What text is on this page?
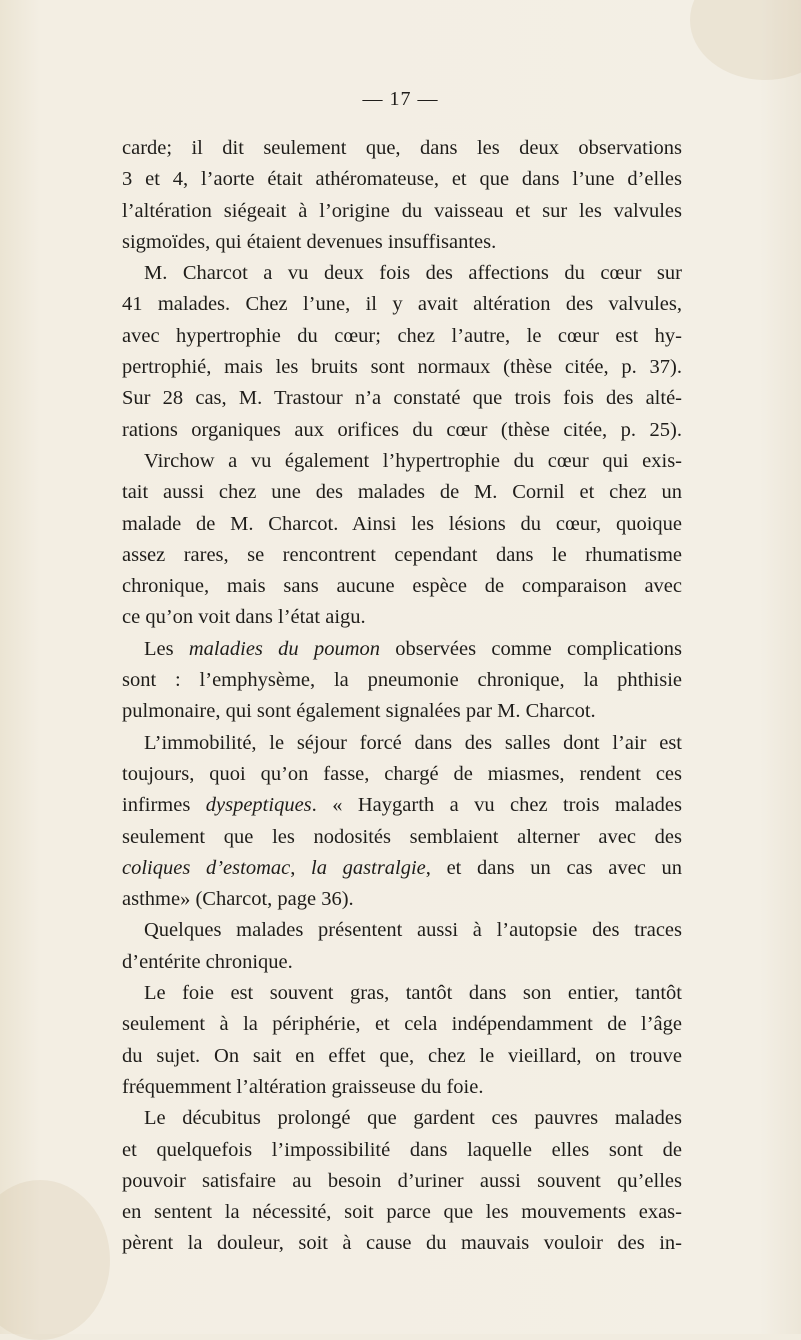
— 17 —
carde; il dit seulement que, dans les deux observations
3 et 4, l’aorte était athéromateuse, et que dans l’une d’elles
l’altération siégeait à l’origine du vaisseau et sur les valvules
sigmoïdes, qui étaient devenues insuffisantes.
M. Charcot a vu deux fois des affections du cœur sur
41 malades. Chez l’une, il y avait altération des valvules,
avec hypertrophie du cœur; chez l’autre, le cœur est hy-
pertrophié, mais les bruits sont normaux (thèse citée, p. 37).
Sur 28 cas, M. Trastour n’a constaté que trois fois des alté-
rations organiques aux orifices du cœur (thèse citée, p. 25).
Virchow a vu également l’hypertrophie du cœur qui exis-
tait aussi chez une des malades de M. Cornil et chez un
malade de M. Charcot. Ainsi les lésions du cœur, quoique
assez rares, se rencontrent cependant dans le rhumatisme
chronique, mais sans aucune espèce de comparaison avec
ce qu’on voit dans l’état aigu.
Les maladies du poumon observées comme complications
sont : l’emphysème, la pneumonie chronique, la phthisie
pulmonaire, qui sont également signalées par M. Charcot.
L’immobilité, le séjour forcé dans des salles dont l’air est
toujours, quoi qu’on fasse, chargé de miasmes, rendent ces
infirmes dyspeptiques. « Haygarth a vu chez trois malades
seulement que les nodosités semblaient alterner avec des
coliques d’estomac, la gastralgie, et dans un cas avec un
asthme» (Charcot, page 36).
Quelques malades présentent aussi à l’autopsie des traces
d’entérite chronique.
Le foie est souvent gras, tantôt dans son entier, tantôt
seulement à la périphérie, et cela indépendamment de l’âge
du sujet. On sait en effet que, chez le vieillard, on trouve
fréquemment l’altération graisseuse du foie.
Le décubitus prolongé que gardent ces pauvres malades
et quelquefois l’impossibilité dans laquelle elles sont de
pouvoir satisfaire au besoin d’uriner aussi souvent qu’elles
en sentent la nécessité, soit parce que les mouvements exas-
pèrent la douleur, soit à cause du mauvais vouloir des in-
